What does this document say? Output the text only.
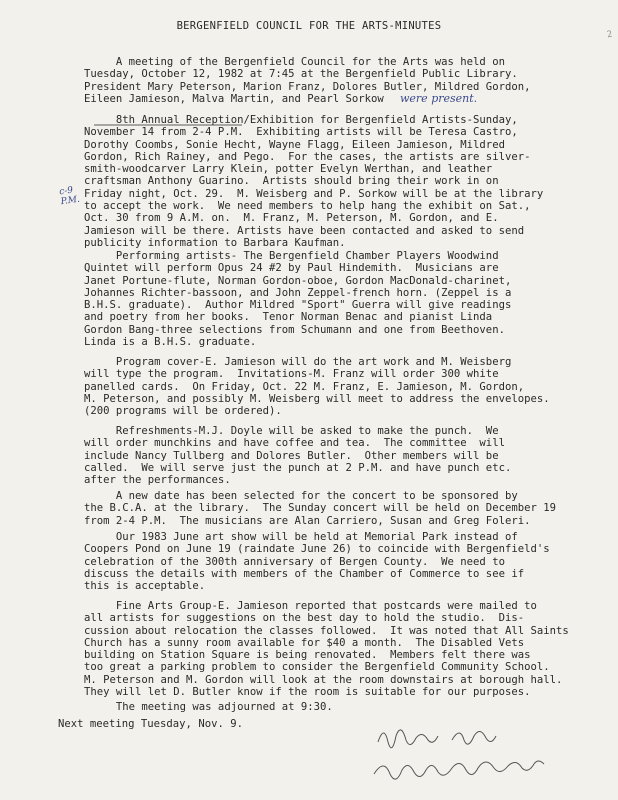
BERGENFIELD COUNCIL FOR THE ARTS-MINUTES
2

A meeting of the Bergenfield Council for the Arts was held on
Tuesday, October 12, 1982 at 7:45 at the Bergenfield Public Library.
President Mary Peterson, Marion Franz, Dolores Butler, Mildred Gordon,
Eileen Jamieson, Malva Martin, and Pearl Sorkow	were present.

8th Annual Reception/Exhibition for Bergenfield Artists-Sunday,
November 14 from 2-4 P.M.  Exhibiting artists will be Teresa Castro,
Dorothy Coombs, Sonie Hecht, Wayne Flagg, Eileen Jamieson, Mildred
Gordon, Rich Rainey, and Pego.  For the cases, the artists are silver-
smith-woodcarver Larry Klein, potter Evelyn Werthan, and leather
craftsman Anthony Guarino.  Artists should bring their work in on
Friday night, Oct. 29.  M. Weisberg and P. Sorkow will be at the library
to accept the work.  We need members to help hang the exhibit on Sat.,
Oct. 30 from 9 A.M. on.  M. Franz, M. Peterson, M. Gordon, and E.
Jamieson will be there. Artists have been contacted and asked to send
publicity information to Barbara Kaufman.

c-9
P.M.

Performing artists- The Bergenfield Chamber Players Woodwind
Quintet will perform Opus 24 #2 by Paul Hindemith.  Musicians are
Janet Portune-flute, Norman Gordon-oboe, Gordon MacDonald-charinet,
Johannes Richter-bassoon, and John Zeppel-french horn. (Zeppel is a
B.H.S. graduate).  Author Mildred "Sport" Guerra will give readings
and poetry from her books.  Tenor Norman Benac and pianist Linda
Gordon Bang-three selections from Schumann and one from Beethoven.
Linda is a B.H.S. graduate.

Program cover-E. Jamieson will do the art work and M. Weisberg
will type the program.  Invitations-M. Franz will order 300 white
panelled cards.  On Friday, Oct. 22 M. Franz, E. Jamieson, M. Gordon,
M. Peterson, and possibly M. Weisberg will meet to address the envelopes.
(200 programs will be ordered).

Refreshments-M.J. Doyle will be asked to make the punch.  We
will order munchkins and have coffee and tea.  The committee  will
include Nancy Tullberg and Dolores Butler.  Other members will be
called.  We will serve just the punch at 2 P.M. and have punch etc.
after the performances.

A new date has been selected for the concert to be sponsored by
the B.C.A. at the library.  The Sunday concert will be held on December 19
from 2-4 P.M.  The musicians are Alan Carriero, Susan and Greg Foleri.

Our 1983 June art show will be held at Memorial Park instead of
Coopers Pond on June 19 (raindate June 26) to coincide with Bergenfield's
celebration of the 300th anniversary of Bergen County.  We need to
discuss the details with members of the Chamber of Commerce to see if
this is acceptable.

Fine Arts Group-E. Jamieson reported that postcards were mailed to
all artists for suggestions on the best day to hold the studio.  Dis-
cussion about relocation the classes followed.  It was noted that All Saints
Church has a sunny room available for $40 a month.  The Disabled Vets
building on Station Square is being renovated.  Members felt there was
too great a parking problem to consider the Bergenfield Community School.
M. Peterson and M. Gordon will look at the room downstairs at borough hall.
They will let D. Butler know if the room is suitable for our purposes.

The meeting was adjourned at 9:30.

Next meeting Tuesday, Nov. 9.
